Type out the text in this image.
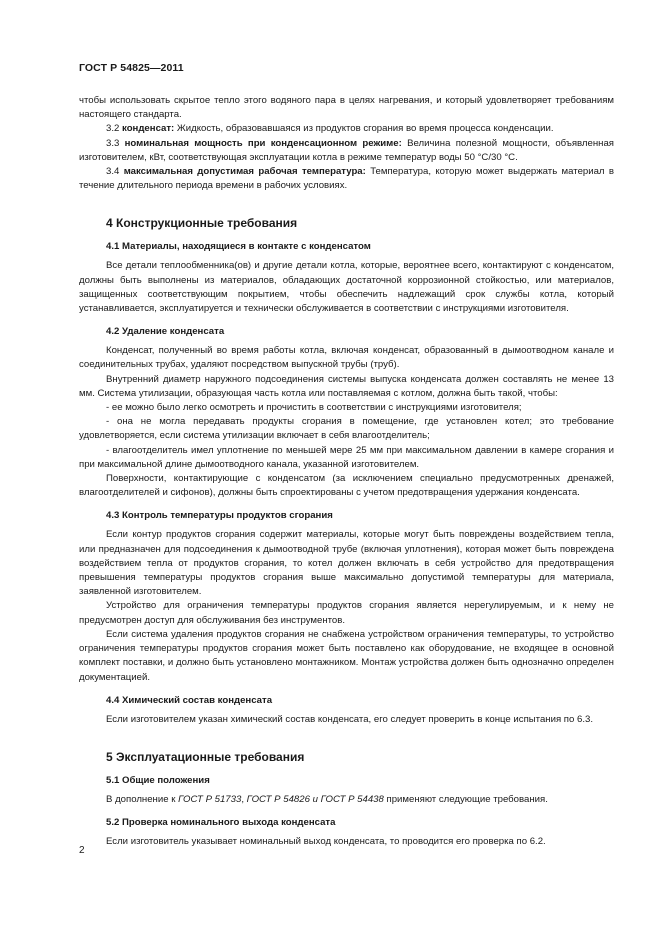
ГОСТ Р 54825—2011

чтобы использовать скрытое тепло этого водяного пара в целях нагревания, и который удовлетворяет требованиям настоящего стандарта.

3.2 конденсат: Жидкость, образовавшаяся из продуктов сгорания во время процесса конденсации.

3.3 номинальная мощность при конденсационном режиме: Величина полезной мощности, объявленная изготовителем, кВт, соответствующая эксплуатации котла в режиме температур воды 50 °C/30 °C.

3.4 максимальная допустимая рабочая температура: Температура, которую может выдержать материал в течение длительного периода времени в рабочих условиях.

4 Конструкционные требования
4.1 Материалы, находящиеся в контакте с конденсатом

Все детали теплообменника(ов) и другие детали котла, которые, вероятнее всего, контактируют с конденсатом, должны быть выполнены из материалов, обладающих достаточной коррозионной стойкостью, или материалов, защищенных соответствующим покрытием, чтобы обеспечить надлежащий срок службы котла, который устанавливается, эксплуатируется и технически обслуживается в соответствии с инструкциями изготовителя.

4.2 Удаление конденсата

Конденсат, полученный во время работы котла, включая конденсат, образованный в дымоотводном канале и соединительных трубах, удаляют посредством выпускной трубы (труб).

Внутренний диаметр наружного подсоединения системы выпуска конденсата должен составлять не менее 13 мм. Система утилизации, образующая часть котла или поставляемая с котлом, должна быть такой, чтобы:

- ее можно было легко осмотреть и прочистить в соответствии с инструкциями изготовителя;

- она не могла передавать продукты сгорания в помещение, где установлен котел; это требование удовлетворяется, если система утилизации включает в себя влагоотделитель;

- влагоотделитель имел уплотнение по меньшей мере 25 мм при максимальном давлении в камере сгорания и при максимальной длине дымоотводного канала, указанной изготовителем.

Поверхности, контактирующие с конденсатом (за исключением специально предусмотренных дренажей, влагоотделителей и сифонов), должны быть спроектированы с учетом предотвращения удержания конденсата.

4.3 Контроль температуры продуктов сгорания

Если контур продуктов сгорания содержит материалы, которые могут быть повреждены воздействием тепла, или предназначен для подсоединения к дымоотводной трубе (включая уплотнения), которая может быть повреждена воздействием тепла от продуктов сгорания, то котел должен включать в себя устройство для предотвращения превышения температуры продуктов сгорания выше максимально допустимой температуры для материала, заявленной изготовителем.

Устройство для ограничения температуры продуктов сгорания является нерегулируемым, и к нему не предусмотрен доступ для обслуживания без инструментов.

Если система удаления продуктов сгорания не снабжена устройством ограничения температуры, то устройство ограничения температуры продуктов сгорания может быть поставлено как оборудование, не входящее в основной комплект поставки, и должно быть установлено монтажником. Монтаж устройства должен быть однозначно определен документацией.

4.4 Химический состав конденсата

Если изготовителем указан химический состав конденсата, его следует проверить в конце испытания по 6.3.

5 Эксплуатационные требования
5.1 Общие положения

В дополнение к ГОСТ Р 51733, ГОСТ Р 54826 и ГОСТ Р 54438 применяют следующие требования.

5.2 Проверка номинального выхода конденсата

Если изготовитель указывает номинальный выход конденсата, то проводится его проверка по 6.2.

2
